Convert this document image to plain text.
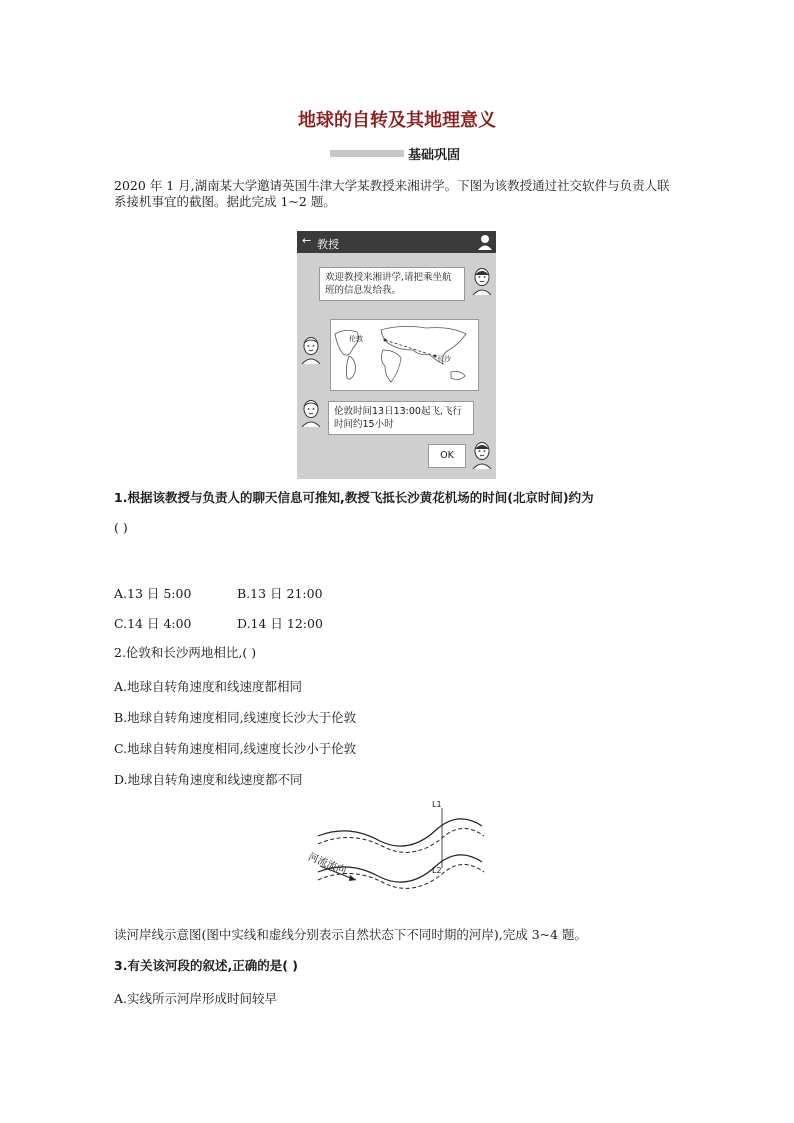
地球的自转及其地理意义
基础巩固
2020 年 1 月,湖南某大学邀请英国牛津大学某教授来湘讲学。下图为该教授通过社交软件与负责人联系接机事宜的截图。据此完成 1~2 题。
← 教授
欢迎教授来湘讲学,请把乘坐航班的信息发给我。
伦敦
长沙
伦敦时间13日13:00起飞,飞行时间约15小时
OK
1.根据该教授与负责人的聊天信息可推知,教授飞抵长沙黄花机场的时间(北京时间)约为
( )
A.13 日 5:00	B.13 日 21:00
C.14 日 4:00	D.14 日 12:00
2.伦敦和长沙两地相比,( )
A.地球自转角速度和线速度都相同
B.地球自转角速度相同,线速度长沙大于伦敦
C.地球自转角速度相同,线速度长沙小于伦敦
D.地球自转角速度和线速度都不同
河流流向
L1
L2
读河岸线示意图(图中实线和虚线分别表示自然状态下不同时期的河岸),完成 3~4 题。
3.有关该河段的叙述,正确的是( )
A.实线所示河岸形成时间较早
